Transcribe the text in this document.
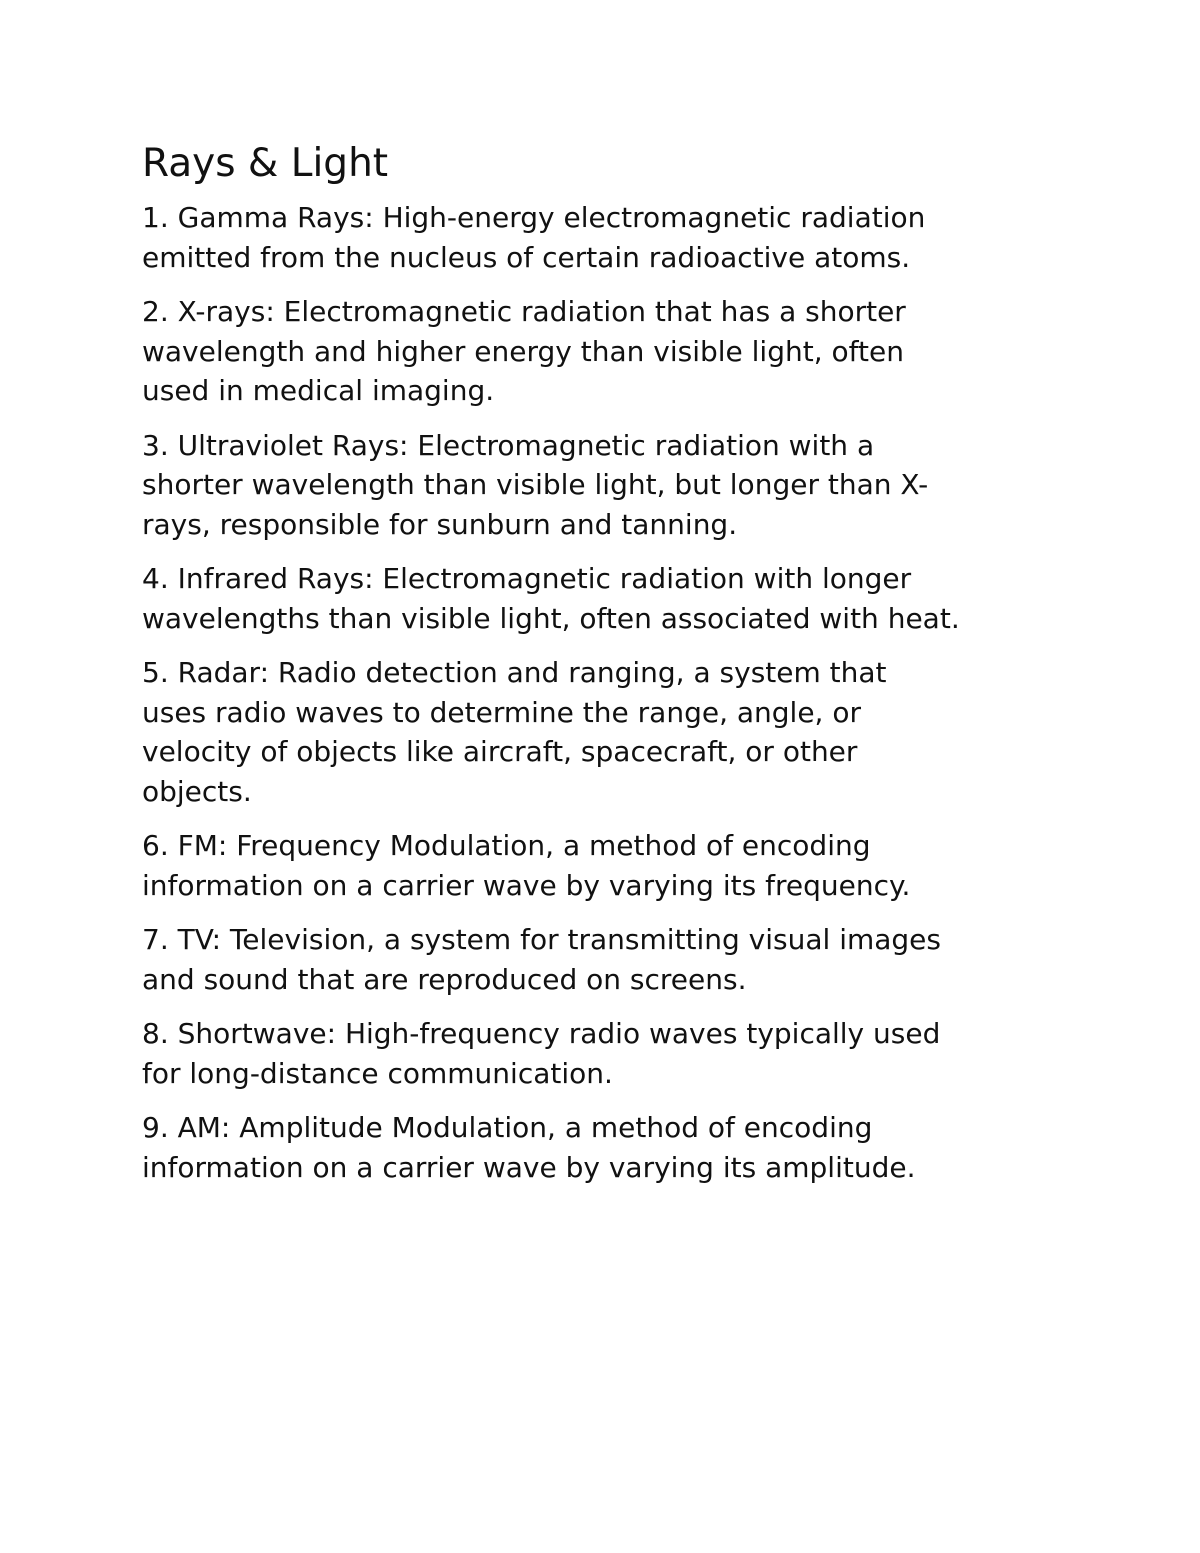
Rays & Light
1. Gamma Rays: High-energy electromagnetic radiation
emitted from the nucleus of certain radioactive atoms.
2. X-rays: Electromagnetic radiation that has a shorter
wavelength and higher energy than visible light, often
used in medical imaging.
3. Ultraviolet Rays: Electromagnetic radiation with a
shorter wavelength than visible light, but longer than X-
rays, responsible for sunburn and tanning.
4. Infrared Rays: Electromagnetic radiation with longer
wavelengths than visible light, often associated with heat.
5. Radar: Radio detection and ranging, a system that
uses radio waves to determine the range, angle, or
velocity of objects like aircraft, spacecraft, or other
objects.
6. FM: Frequency Modulation, a method of encoding
information on a carrier wave by varying its frequency.
7. TV: Television, a system for transmitting visual images
and sound that are reproduced on screens.
8. Shortwave: High-frequency radio waves typically used
for long-distance communication.
9. AM: Amplitude Modulation, a method of encoding
information on a carrier wave by varying its amplitude.
